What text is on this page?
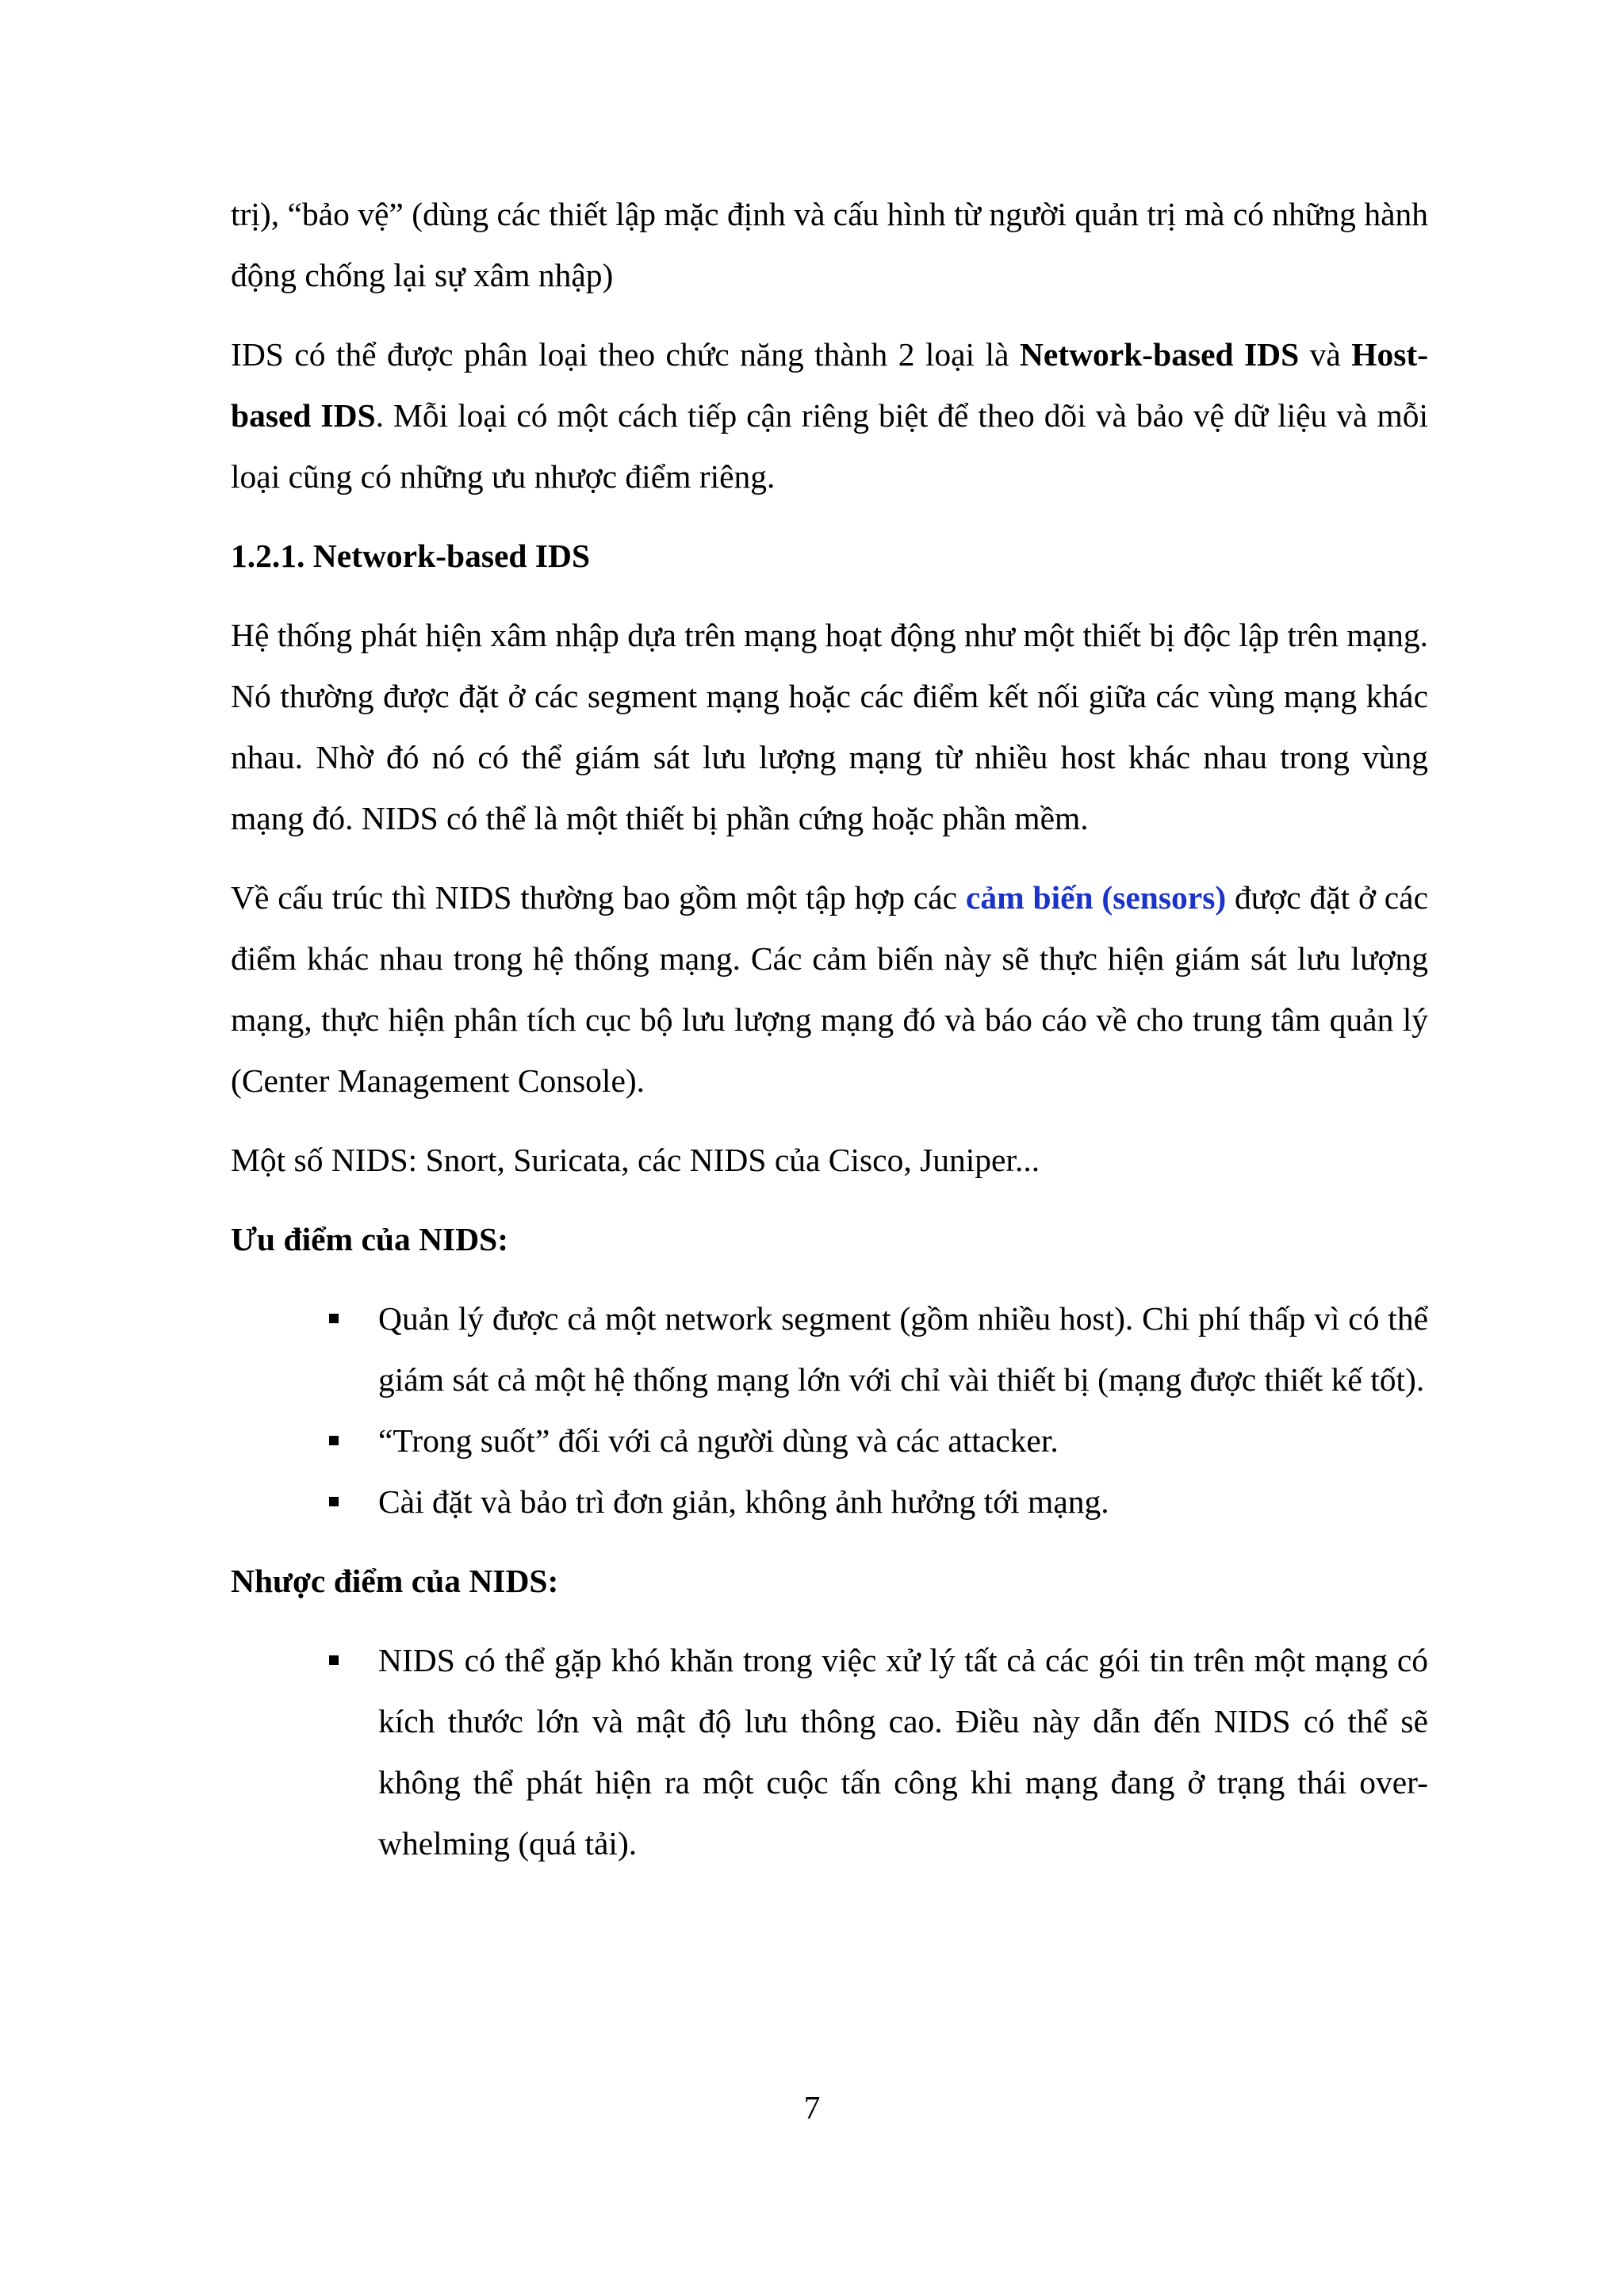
trị), “bảo vệ” (dùng các thiết lập mặc định và cấu hình từ người quản trị mà có những hành động chống lại sự xâm nhập)

IDS có thể được phân loại theo chức năng thành 2 loại là Network-based IDS và Host-based IDS. Mỗi loại có một cách tiếp cận riêng biệt để theo dõi và bảo vệ dữ liệu và mỗi loại cũng có những ưu nhược điểm riêng.

1.2.1. Network-based IDS

Hệ thống phát hiện xâm nhập dựa trên mạng hoạt động như một thiết bị độc lập trên mạng. Nó thường được đặt ở các segment mạng hoặc các điểm kết nối giữa các vùng mạng khác nhau. Nhờ đó nó có thể giám sát lưu lượng mạng từ nhiều host khác nhau trong vùng mạng đó. NIDS có thể là một thiết bị phần cứng hoặc phần mềm.

Về cấu trúc thì NIDS thường bao gồm một tập hợp các cảm biến (sensors) được đặt ở các điểm khác nhau trong hệ thống mạng. Các cảm biến này sẽ thực hiện giám sát lưu lượng mạng, thực hiện phân tích cục bộ lưu lượng mạng đó và báo cáo về cho trung tâm quản lý (Center Management Console).

Một số NIDS: Snort, Suricata, các NIDS của Cisco, Juniper...

Ưu điểm của NIDS:
Quản lý được cả một network segment (gồm nhiều host). Chi phí thấp vì có thể giám sát cả một hệ thống mạng lớn với chỉ vài thiết bị (mạng được thiết kế tốt).
“Trong suốt” đối với cả người dùng và các attacker.
Cài đặt và bảo trì đơn giản, không ảnh hưởng tới mạng.
Nhược điểm của NIDS:
NIDS có thể gặp khó khăn trong việc xử lý tất cả các gói tin trên một mạng có kích thước lớn và mật độ lưu thông cao. Điều này dẫn đến NIDS có thể sẽ không thể phát hiện ra một cuộc tấn công khi mạng đang ở trạng thái over-whelming (quá tải).
7
